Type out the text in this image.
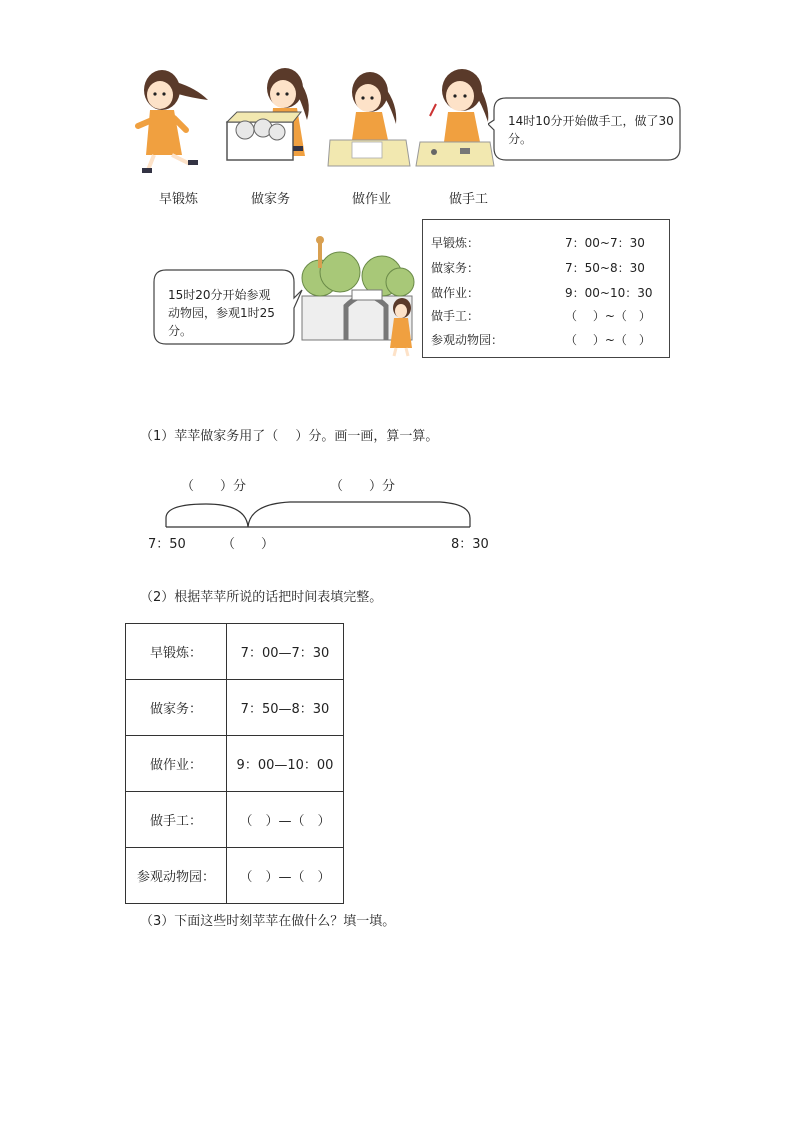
14时10分开始做手工，做了30分。
早锻炼	做家务	做作业	做手工
15时20分开始参观动物园，参观1时25分。
早锻炼：	7：00~7：30
做家务：	7：50~8：30
做作业：	9：00~10：30
做手工：	（　 ）~（　）
参观动物园：	（　 ）~（　）
（1）苹苹做家务用了（　 ）分。画一画，算一算。
（　　）分	（　　）分
7：50	（　　）	8：30
（2）根据苹苹所说的话把时间表填完整。
早锻炼：	7：00—7：30
做家务：	7：50—8：30
做作业：	9：00—10：00
做手工：	（　）—（　）
参观动物园：	（　）—（　）
（3）下面这些时刻苹苹在做什么？填一填。
